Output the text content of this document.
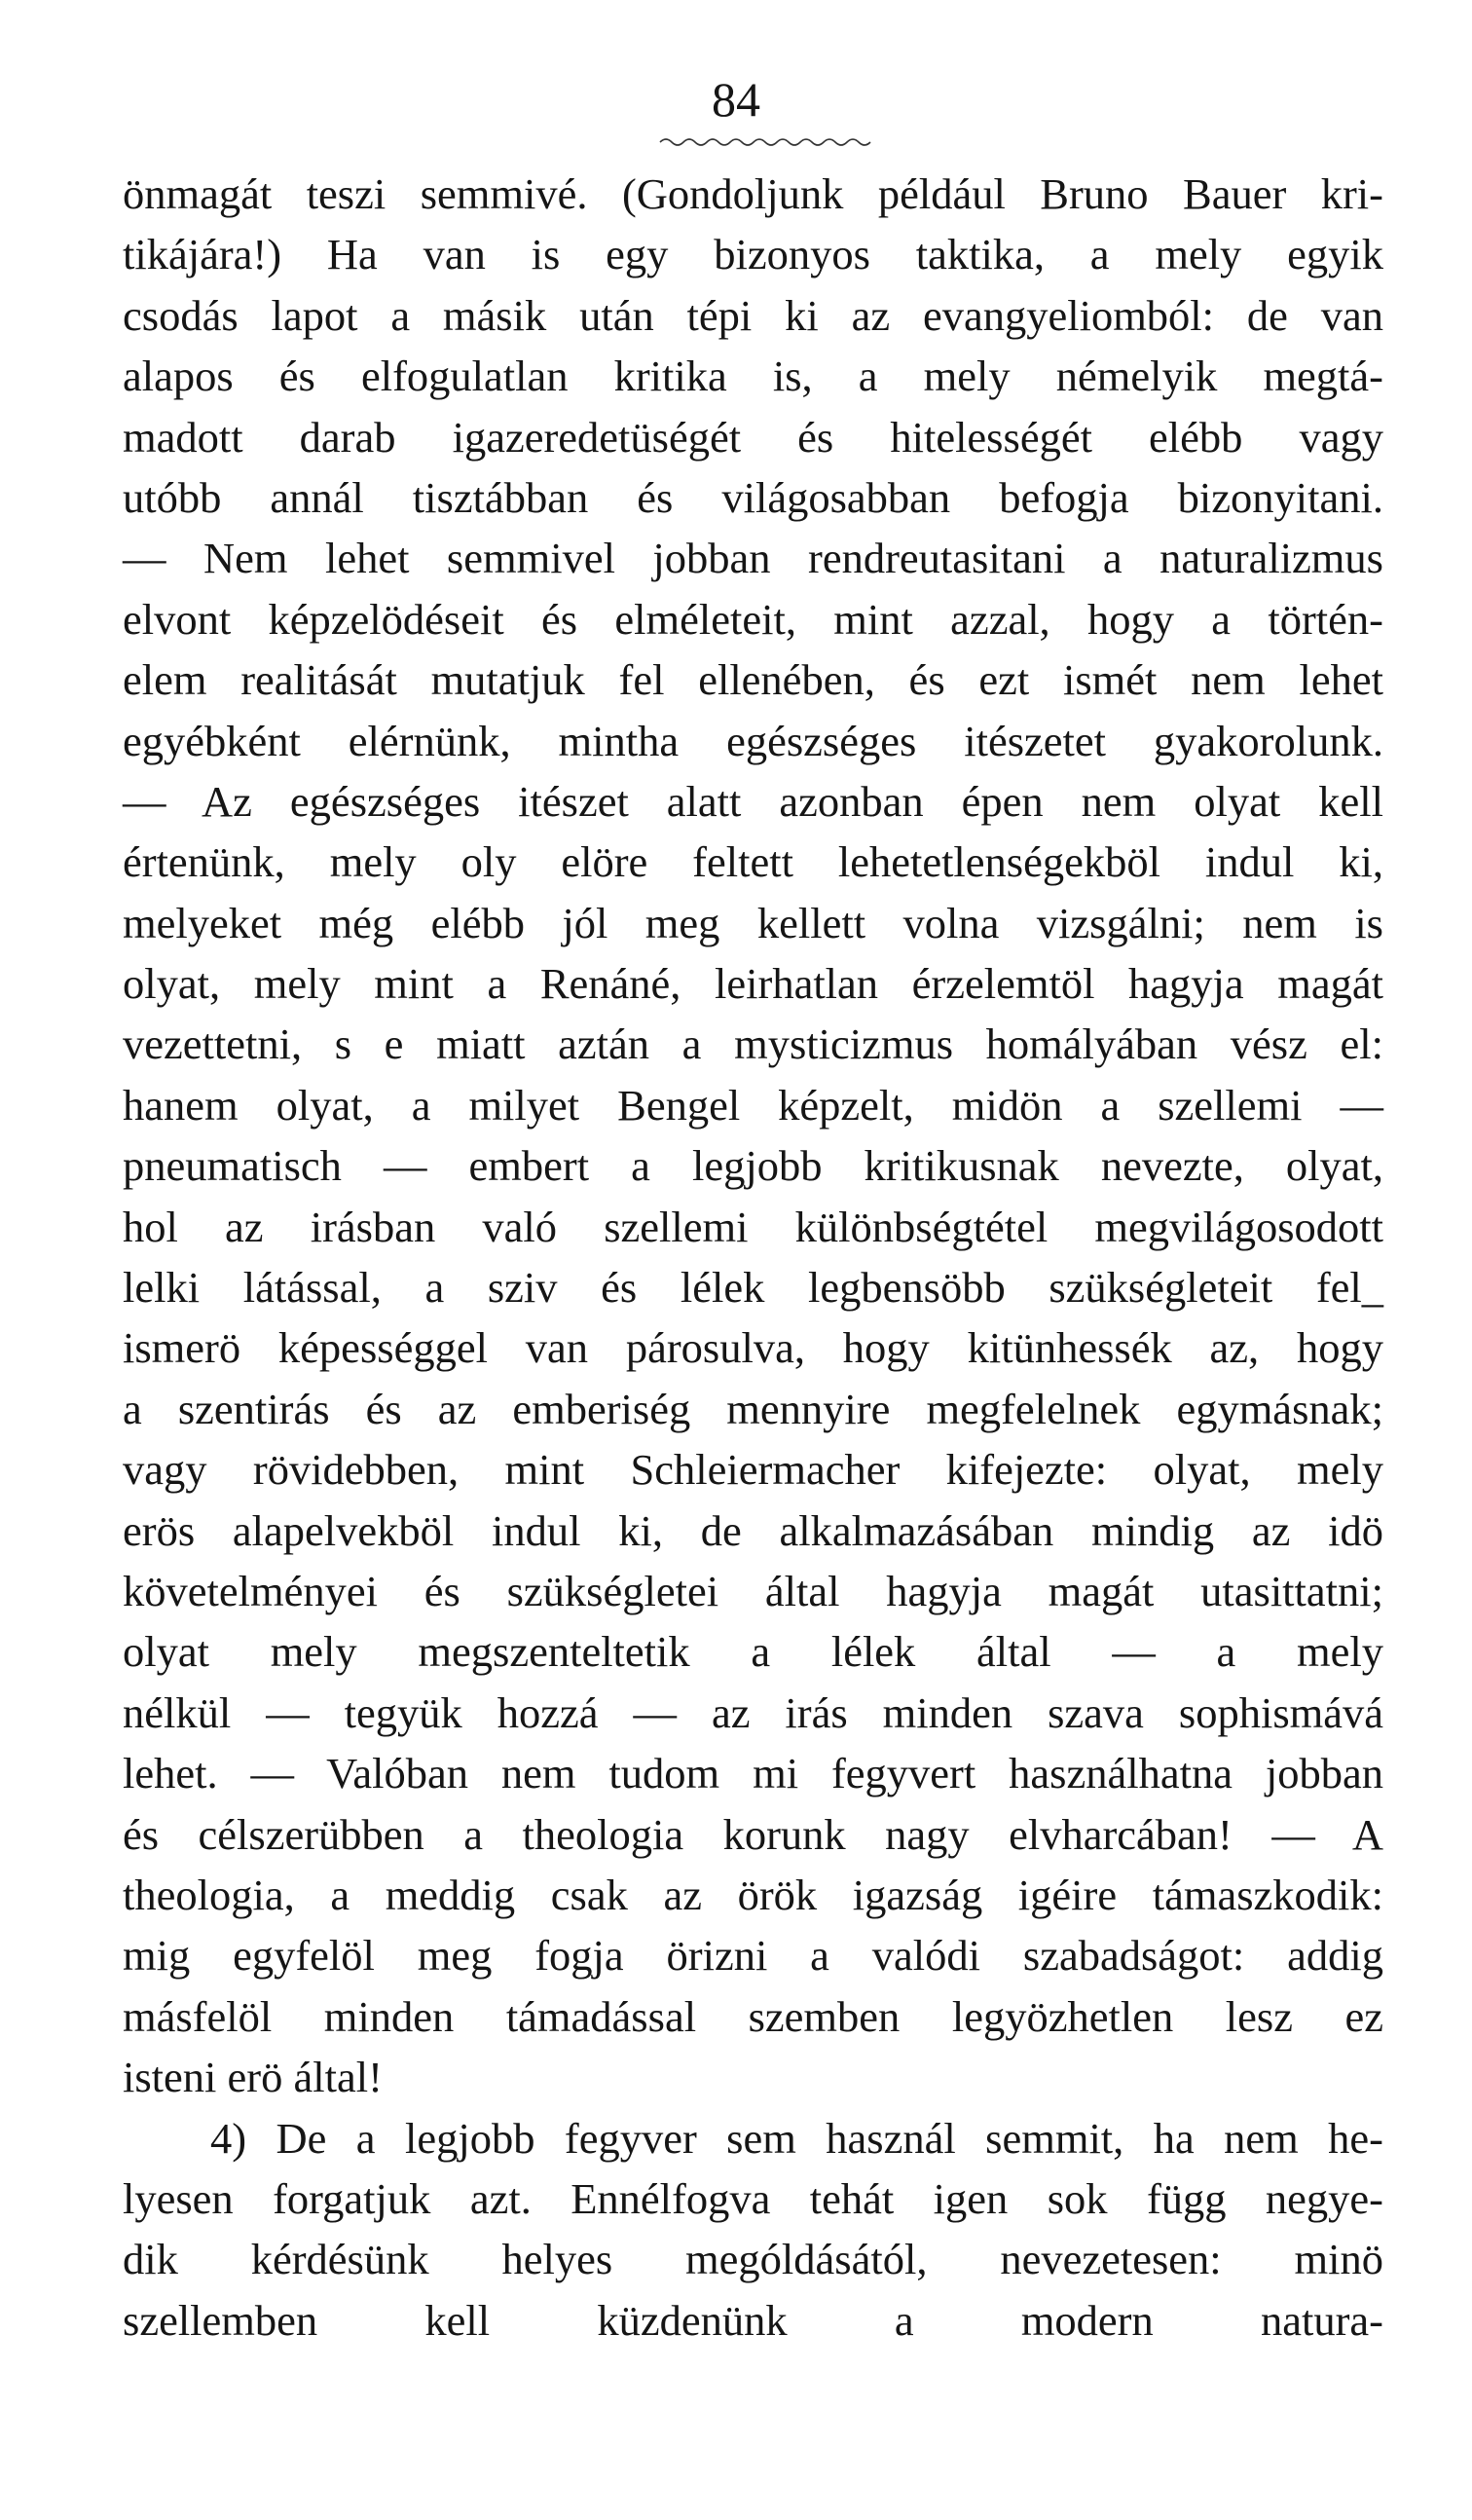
84
önmagát teszi semmivé. (Gondoljunk például Bruno Bauer kri-
tikájára!) Ha van is egy bizonyos taktika, a mely egyik
csodás lapot a másik után tépi ki az evangyeliomból: de van
alapos és elfogulatlan kritika is, a mely némelyik megtá-
madott darab igazeredetüségét és hitelességét elébb vagy
utóbb annál tisztábban és világosabban befogja bizonyitani.
— Nem lehet semmivel jobban rendreutasitani a naturalizmus
elvont képzelödéseit és elméleteit, mint azzal, hogy a történ-
elem realitását mutatjuk fel ellenében, és ezt ismét nem lehet
egyébként elérnünk, mintha egészséges itészetet gyakorolunk.
— Az egészséges itészet alatt azonban épen nem olyat kell
értenünk, mely oly elöre feltett lehetetlenségekböl indul ki,
melyeket még elébb jól meg kellett volna vizsgálni; nem is
olyat, mely mint a Renáné, leirhatlan érzelemtöl hagyja magát
vezettetni, s e miatt aztán a mysticizmus homályában vész el:
hanem olyat, a milyet Bengel képzelt, midön a szellemi —
pneumatisch — embert a legjobb kritikusnak nevezte, olyat,
hol az irásban való szellemi különbségtétel megvilágosodott
lelki látással, a sziv és lélek legbensöbb szükségleteit fel_
ismerö képességgel van párosulva, hogy kitünhessék az, hogy
a szentirás és az emberiség mennyire megfelelnek egymásnak;
vagy rövidebben, mint Schleiermacher kifejezte: olyat, mely
erös alapelvekböl indul ki, de alkalmazásában mindig az idö
követelményei és szükségletei által hagyja magát utasittatni;
olyat mely megszenteltetik a lélek által — a mely
nélkül — tegyük hozzá — az irás minden szava sophismává
lehet. — Valóban nem tudom mi fegyvert használhatna jobban
és célszerübben a theologia korunk nagy elvharcában! — A
theologia, a meddig csak az örök igazság igéire támaszkodik:
mig egyfelöl meg fogja örizni a valódi szabadságot: addig
másfelöl minden támadással szemben legyözhetlen lesz ez
isteni erö által!
4) De a legjobb fegyver sem használ semmit, ha nem he-
lyesen forgatjuk azt. Ennélfogva tehát igen sok függ negye-
dik kérdésünk helyes mególdásától, nevezetesen: minö
szellemben kell küzdenünk a modern natura-
